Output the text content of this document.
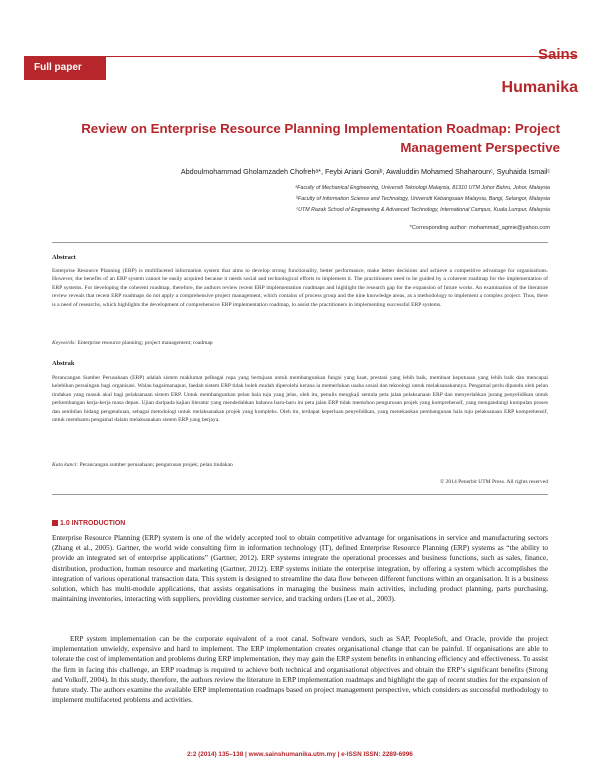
Full paper
Sains
Humanika
Review on Enterprise Resource Planning Implementation Roadmap: Project Management Perspective
Abdoulmohammad Gholamzadeh Chofrehᵃ*, Feybi Ariani Goniᵇ, Awaluddin Mohamed Shaharounᶜ, Syuhaida Ismailᶜ
ᵃFaculty of Mechanical Engineering, Universiti Teknologi Malaysia, 81310 UTM Johor Bahru, Johor, Malaysia
ᵇFaculty of Information Science and Technology, Universiti Kebangsaan Malaysia, Bangi, Selangor, Malaysia
ᶜUTM Razak School of Engineering & Advanced Technology, International Campus, Kuala Lumpur, Malaysia
*Corresponding author: mohammad_agmie@yahoo.com
Abstract
Enterprise Resource Planning (ERP) is multifaceted information system that aims to develop strong functionality, better performance, make better decisions and achieve a competitive advantage for organisations. However, the benefits of an ERP system cannot be easily acquired because it needs social and technological efforts to implement it. The practitioners need to be guided by a coherent roadmap for the implementation of ERP systems. For developing the coherent roadmap, therefore, the authors review recent ERP implementation roadmaps and highlight the research gap for the expansion of future works. An examination of the literature review reveals that recent ERP roadmaps do not apply a comprehensive project management, which contains of process group and the nine knowledge areas, as a methodology to implement a complex project. Thus, there is a need of researchs, which highlights the development of comprehensive ERP implementation roadmap, to assist the practitioners in implementing successful ERP systems.
Keywords: Enterprise resource planning; project management; roadmap
Abstrak
Perancangan Sumber Perusahaan (ERP) adalah sistem maklumat pelbagai rupa yang bertujuan untuk membangunkan fungsi yang kuat, prestasi yang lebih baik, membuat keputusan yang lebih baik dan mencapai kelebihan persaingan bagi organisasi. Walau bagaimanapun, faedah sistem ERP tidak boleh mudah diperolehi kerana ia memerlukan usaha sosial dan teknologi untuk melaksanakannya. Pengamal perlu dipandu oleh pelan tindakan yang masuk akal bagi pelaksanaan sistem ERP. Untuk membangunkan pelan hala tuju yang jelas, oleh itu, penulis mengkaji semula peta jalan pelaksanaan ERP dan menyerlahkan jurang penyelidikan untuk perkembangan kerja-kerja masa depan. Ujian daripada kajian literatur yang mendedahkan bahawa baru-baru ini peta jalan ERP tidak memohon pengurusan projek yang komprehensif, yang mengandungi kumpulan proses dan sembilan bidang pengetahuan, sebagai metodologi untuk melaksanakan projek yang kompleks. Oleh itu, terdapat keperluan penyelidikan, yang menekankan pembangunan hala tuju pelaksanaan ERP komprehensif, untuk membantu pengamal dalam melaksanakan sistem ERP yang berjaya.
Kata kunci: Perancangan sumber perusahaan; pengurusan projek; pelan tindakan
© 2014 Penerbit UTM Press. All rights reserved
1.0 INTRODUCTION
Enterprise Resource Planning (ERP) system is one of the widely accepted tool to obtain competitive advantage for organisations in service and manufacturing sectors (Zhang et al., 2005). Gartner, the world wide consulting firm in information technology (IT), defined Enterprise Resource Planning (ERP) systems as “the ability to provide an integrated set of enterprise applications” (Gartner, 2012). ERP systems integrate the operational processes and business functions, such as sales, finance, distribution, production, human resource and marketing (Gartner, 2012). ERP systems initiate the enterprise integration, by offering a system which accomplishes the integration of various operational transaction data. This system is designed to streamline the data flow between different functions within an organisation. It is a business solution, which has multi-module applications, that assists organisations in managing the business main activities, including product planning, parts purchasing, maintaining inventories, interacting with suppliers, providing customer service, and tracking orders (Lee et al., 2003).
ERP system implementation can be the corporate equivalent of a root canal. Software vendors, such as SAP, PeopleSoft, and Oracle, provide the project implementation unwieldy, expensive and hard to implement. The ERP implementation creates organisational change that can be painful. If organisations are able to tolerate the cost of implementation and problems during ERP implementation, they may gain the ERP system benefits in enhancing efficiency and effectiveness. To assist the firm in facing this challenge, an ERP roadmap is required to achieve both technical and organisational objectives and obtain the ERP’s significant benefits (Strong and Volkoff, 2004). In this study, therefore, the authors review the literature in ERP implementation roadmaps and highlight the gap of recent studies for the expansion of future study. The authors examine the available ERP implementation roadmaps based on project management perspective, which considers as successful methodology to implement multifaceted problems and activities.
2:2 (2014) 135–138 | www.sainshumanika.utm.my | e-ISSN ISSN: 2289-6996
